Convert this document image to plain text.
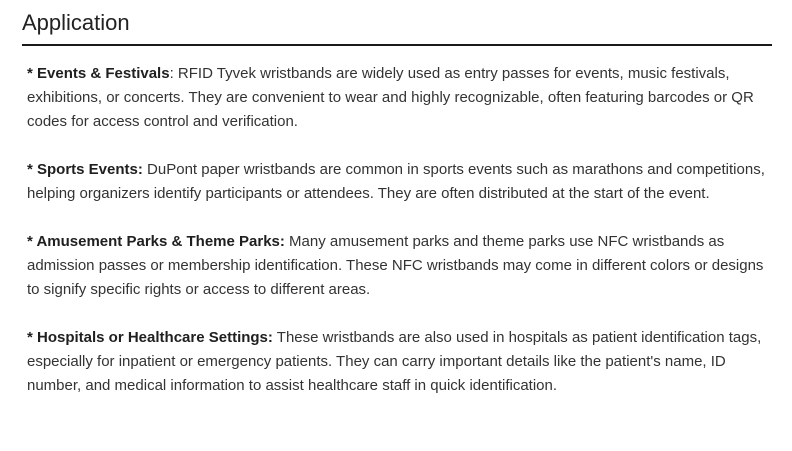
Application

* Events & Festivals: RFID Tyvek wristbands are widely used as entry passes for events, music festivals, exhibitions, or concerts. They are convenient to wear and highly recognizable, often featuring barcodes or QR codes for access control and verification.

* Sports Events: DuPont paper wristbands are common in sports events such as marathons and competitions, helping organizers identify participants or attendees. They are often distributed at the start of the event.

* Amusement Parks & Theme Parks: Many amusement parks and theme parks use NFC wristbands as admission passes or membership identification. These NFC wristbands may come in different colors or designs to signify specific rights or access to different areas.

* Hospitals or Healthcare Settings: These wristbands are also used in hospitals as patient identification tags, especially for inpatient or emergency patients. They can carry important details like the patient's name, ID number, and medical information to assist healthcare staff in quick identification.
